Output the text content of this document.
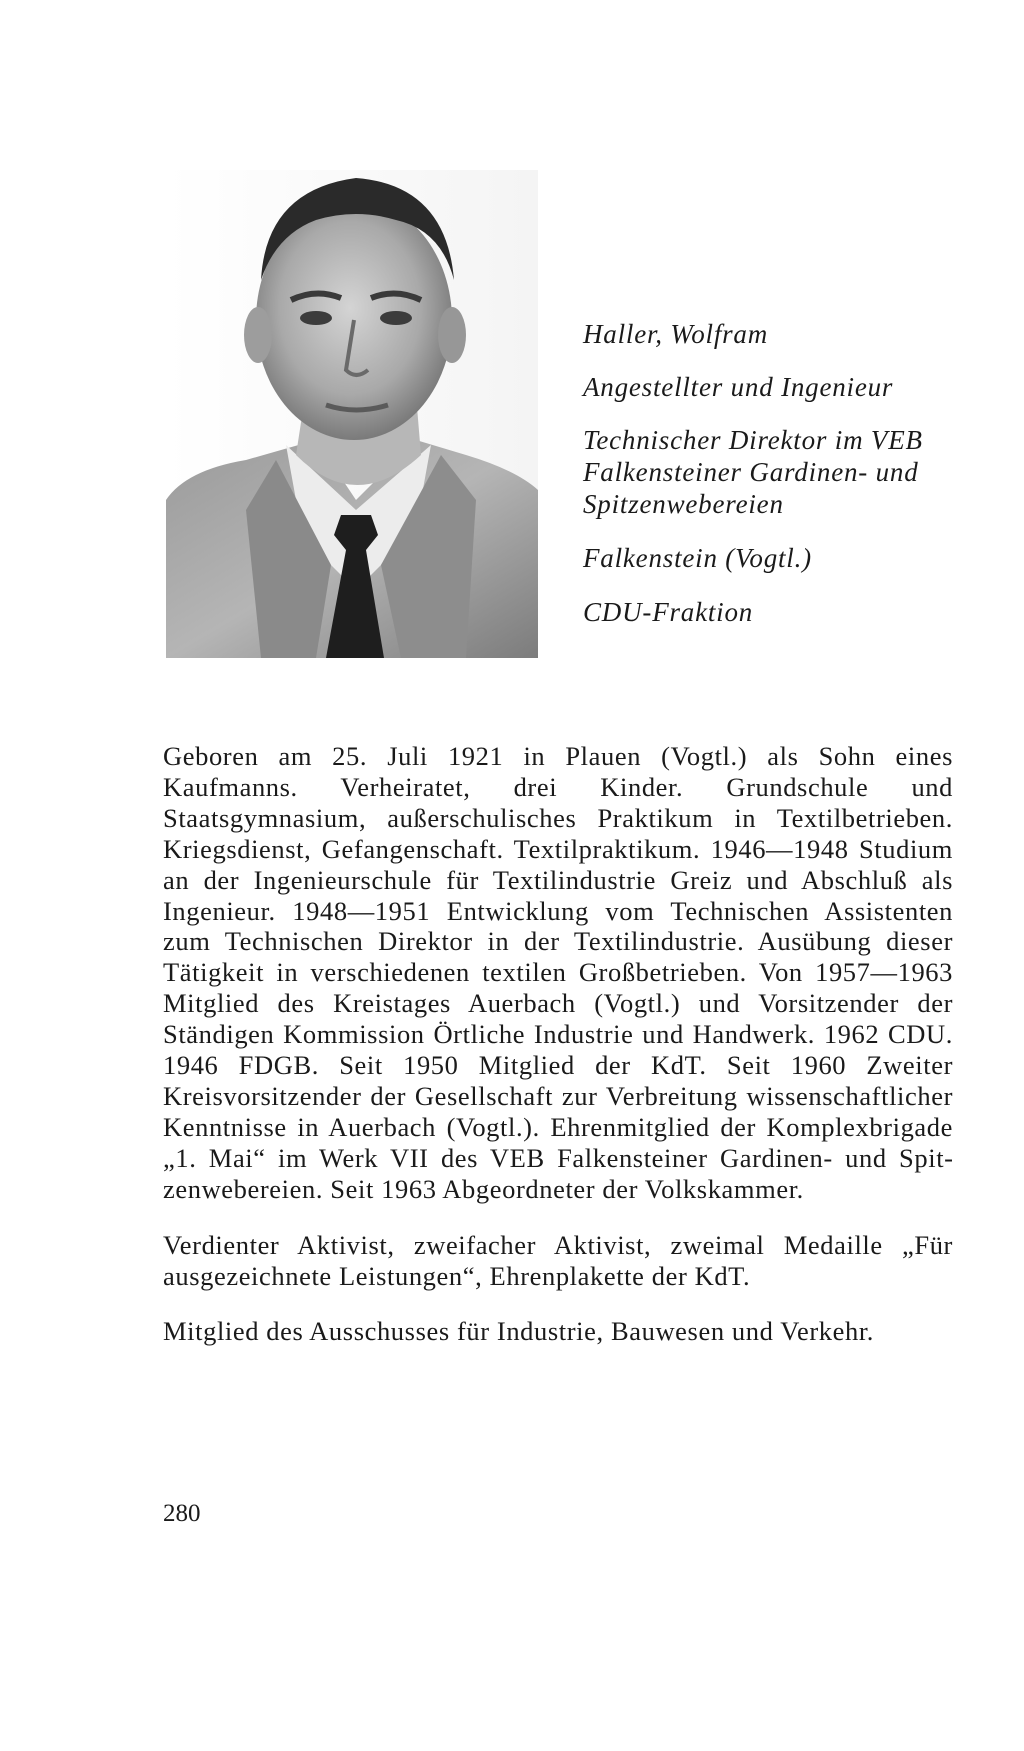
Haller, Wolfram

Angestellter und Ingenieur

Technischer Direktor im VEB Falkensteiner Gardinen- und Spitzenwebereien

Falkenstein (Vogtl.)

CDU-Fraktion

Geboren am 25. Juli 1921 in Plauen (Vogtl.) als Sohn eines Kaufmanns. Verheiratet, drei Kinder. Grundschule und Staatsgymnasium, außerschulisches Praktikum in Textilbetrieben. Kriegsdienst, Gefangenschaft. Textilpraktikum. 1946—1948 Studium an der Ingenieurschule für Textilindustrie Greiz und Abschluß als Ingenieur. 1948—1951 Entwicklung vom Technischen Assistenten zum Technischen Direktor in der Textilindustrie. Ausübung dieser Tätigkeit in verschiedenen textilen Großbetrieben. Von 1957—1963 Mitglied des Kreistages Auerbach (Vogtl.) und Vorsitzender der Ständigen Kommission Örtliche Industrie und Handwerk. 1962 CDU. 1946 FDGB. Seit 1950 Mitglied der KdT. Seit 1960 Zweiter Kreisvorsitzender der Gesellschaft zur Verbreitung wissenschaftlicher Kenntnisse in Auerbach (Vogtl.). Ehrenmitglied der Komplexbrigade „1. Mai“ im Werk VII des VEB Falkensteiner Gardinen- und Spitzenwebereien. Seit 1963 Abgeordneter der Volkskammer.

Verdienter Aktivist, zweifacher Aktivist, zweimal Medaille „Für ausgezeichnete Leistungen“, Ehrenplakette der KdT.

Mitglied des Ausschusses für Industrie, Bauwesen und Verkehr.

280
